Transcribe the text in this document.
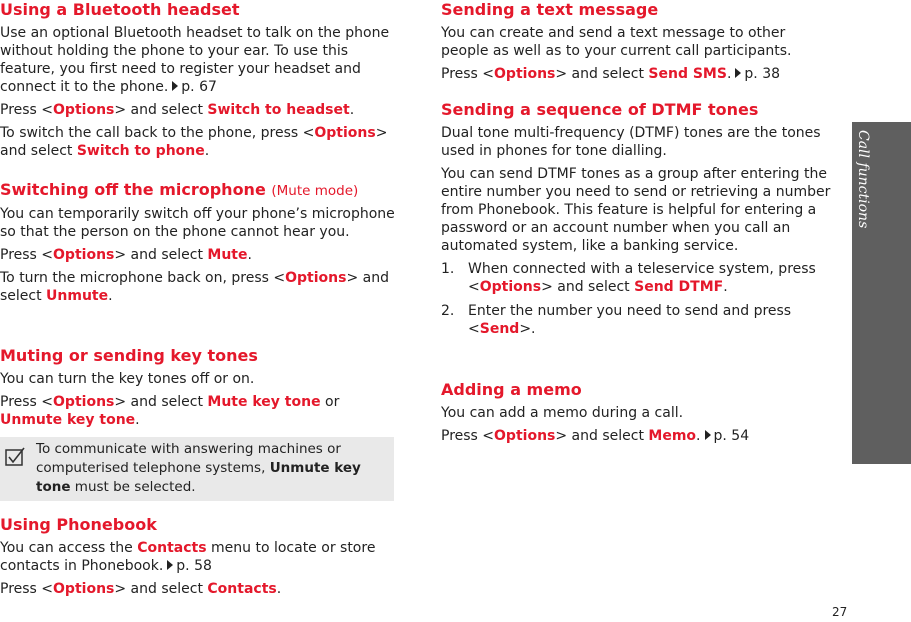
Using a Bluetooth headset

Use an optional Bluetooth headset to talk on the phone without holding the phone to your ear. To use this feature, you first need to register your headset and connect it to the phone. p. 67

Press <Options> and select Switch to headset.

To switch the call back to the phone, press <Options> and select Switch to phone.

Switching off the microphone (Mute mode)

You can temporarily switch off your phone’s microphone so that the person on the phone cannot hear you.

Press <Options> and select Mute.

To turn the microphone back on, press <Options> and select Unmute.

Muting or sending key tones

You can turn the key tones off or on.

Press <Options> and select Mute key tone or Unmute key tone.

To communicate with answering machines or computerised telephone systems, Unmute key tone must be selected.
Using Phonebook

You can access the Contacts menu to locate or store contacts in Phonebook. p. 58

Press <Options> and select Contacts.

Sending a text message

You can create and send a text message to other people as well as to your current call participants.

Press <Options> and select Send SMS. p. 38

Sending a sequence of DTMF tones

Dual tone multi-frequency (DTMF) tones are the tones used in phones for tone dialling.

You can send DTMF tones as a group after entering the entire number you need to send or retrieving a number from Phonebook. This feature is helpful for entering a password or an account number when you call an automated system, like a banking service.

1. When connected with a teleservice system, press <Options> and select Send DTMF.
2. Enter the number you need to send and press <Send>.
Adding a memo

You can add a memo during a call.

Press <Options> and select Memo. p. 54

Call functions
27
